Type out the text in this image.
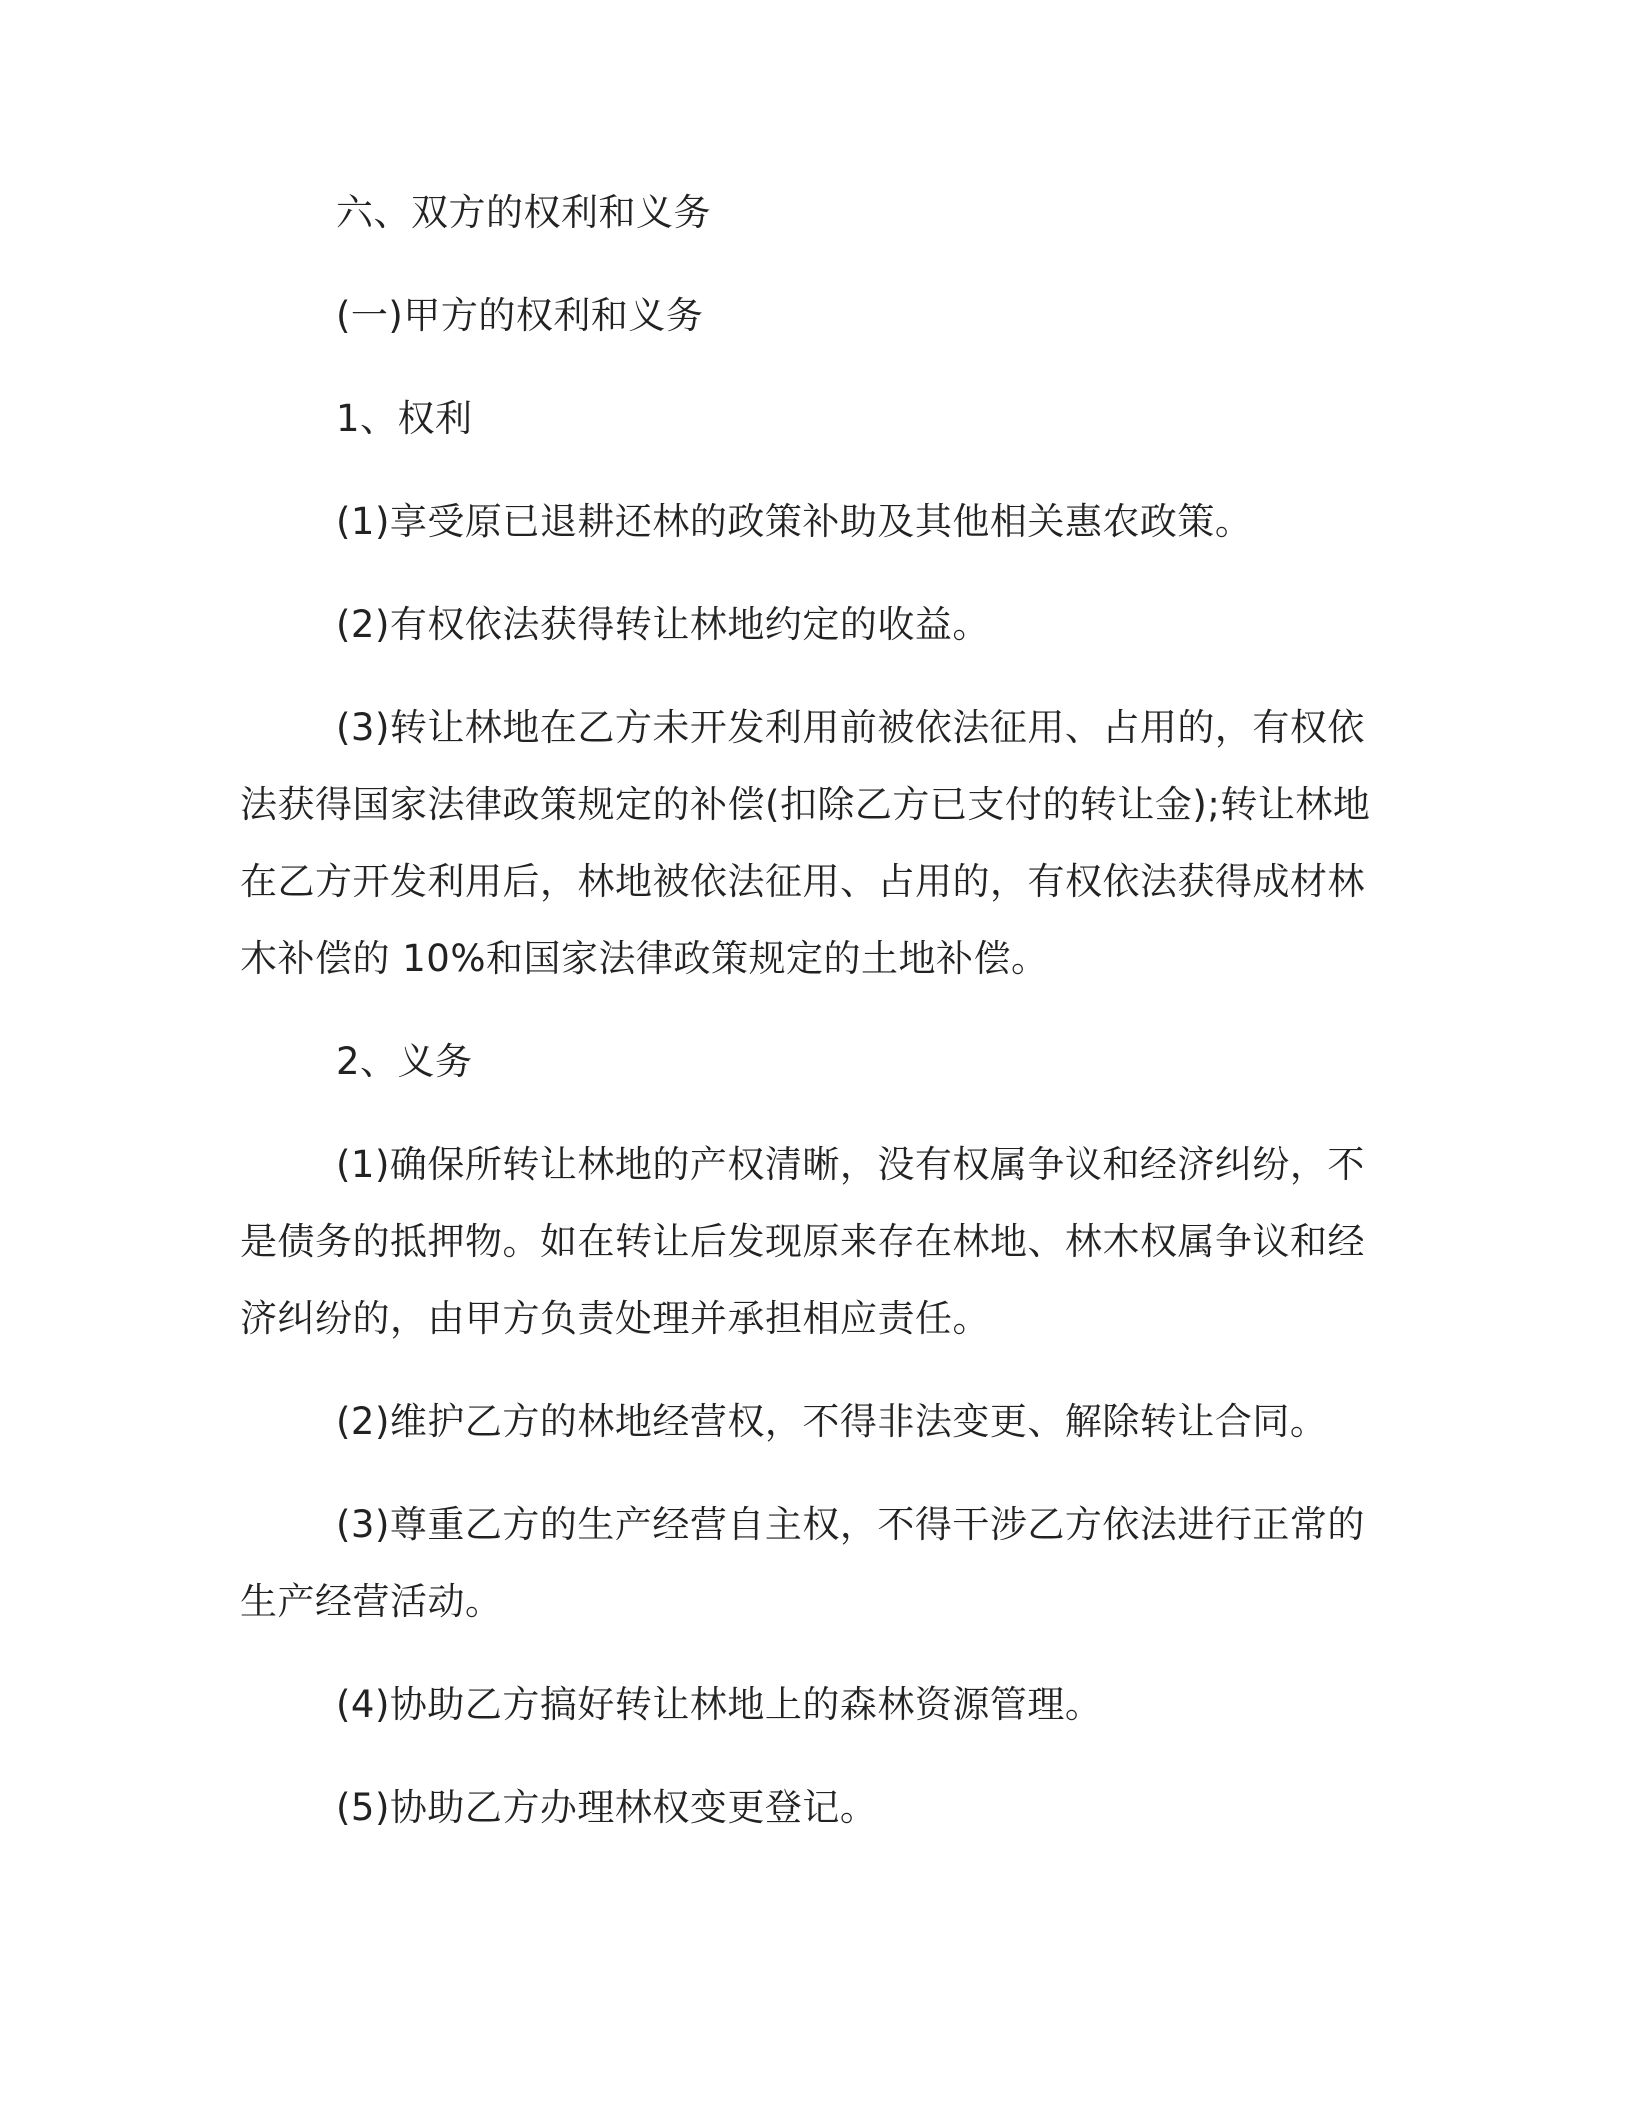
六、双方的权利和义务
(一)甲方的权利和义务
1、权利
(1)享受原已退耕还林的政策补助及其他相关惠农政策。
(2)有权依法获得转让林地约定的收益。
(3)转让林地在乙方未开发利用前被依法征用、占用的，有权依
法获得国家法律政策规定的补偿(扣除乙方已支付的转让金);转让林地
在乙方开发利用后，林地被依法征用、占用的，有权依法获得成材林
木补偿的 10%和国家法律政策规定的土地补偿。
2、义务
(1)确保所转让林地的产权清晰，没有权属争议和经济纠纷，不
是债务的抵押物。如在转让后发现原来存在林地、林木权属争议和经
济纠纷的，由甲方负责处理并承担相应责任。
(2)维护乙方的林地经营权，不得非法变更、解除转让合同。
(3)尊重乙方的生产经营自主权，不得干涉乙方依法进行正常的
生产经营活动。
(4)协助乙方搞好转让林地上的森林资源管理。
(5)协助乙方办理林权变更登记。
